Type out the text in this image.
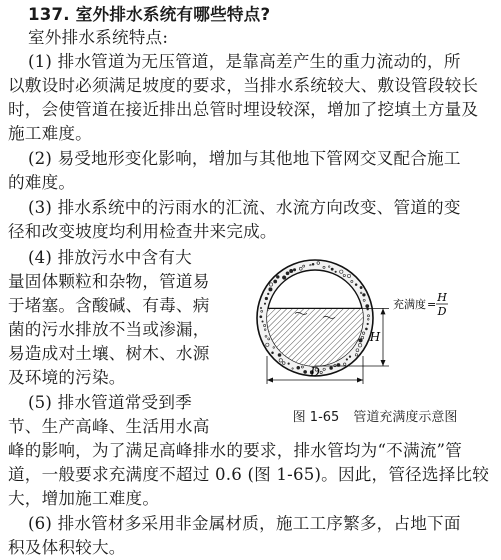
137. 室外排水系统有哪些特点?
室外排水系统特点:
(1) 排水管道为无压管道，是靠高差产生的重力流动的，所
以敷设时必须满足坡度的要求，当排水系统较大、敷设管段较长
时，会使管道在接近排出总管时埋设较深，增加了挖填土方量及
施工难度。
(2) 易受地形变化影响，增加与其他地下管网交叉配合施工
的难度。
(3) 排水系统中的污雨水的汇流、水流方向改变、管道的变
径和改变坡度均利用检查井来完成。
(4) 排放污水中含有大
量固体颗粒和杂物，管道易
于堵塞。含酸碱、有毒、病
菌的污水排放不当或渗漏，
易造成对土壤、树木、水源
及环境的污染。
(5) 排水管道常受到季
节、生产高峰、生活用水高
峰的影响，为了满足高峰排水的要求，排水管均为“不满流”管
道，一般要求充满度不超过 0.6 (图 1-65)。因此，管径选择比较
大，增加施工难度。
(6) 排水管材多采用非金属材质，施工工序繁多，占地下面
积及体积较大。
D
H
充满度 =
H
D
图 1-65 管道充满度示意图
